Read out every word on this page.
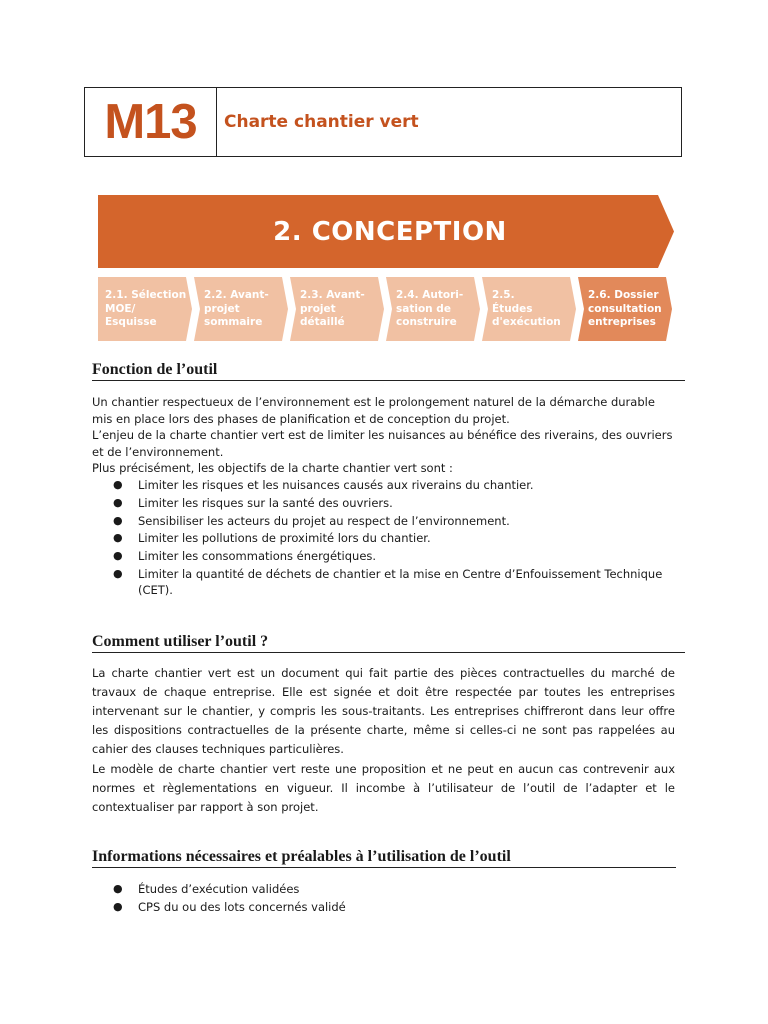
M13	Charte chantier vert
2. CONCEPTION
2.1. Sélection
MOE/
Esquisse
2.2. Avant-
projet
sommaire
2.3. Avant-
projet
détaillé
2.4. Autori-
sation de
construire
2.5.
Études
d'exécution
2.6. Dossier
consultation
entreprises
Fonction de l’outil

Un chantier respectueux de l’environnement est le prolongement naturel de la démarche durable mis en place lors des phases de planification et de conception du projet.

L’enjeu de la charte chantier vert est de limiter les nuisances au bénéfice des riverains, des ouvriers et de l’environnement.

Plus précisément, les objectifs de la charte chantier vert sont :

● Limiter les risques et les nuisances causés aux riverains du chantier.
● Limiter les risques sur la santé des ouvriers.
● Sensibiliser les acteurs du projet au respect de l’environnement.
● Limiter les pollutions de proximité lors du chantier.
● Limiter les consommations énergétiques.
● Limiter la quantité de déchets de chantier et la mise en Centre d’Enfouissement Technique (CET).
Comment utiliser l’outil ?

La charte chantier vert est un document qui fait partie des pièces contractuelles du marché de travaux de chaque entreprise. Elle est signée et doit être respectée par toutes les entreprises intervenant sur le chantier, y compris les sous-traitants. Les entreprises chiffreront dans leur offre les dispositions contractuelles de la présente charte, même si celles-ci ne sont pas rappelées au cahier des clauses techniques particulières.

Le modèle de charte chantier vert reste une proposition et ne peut en aucun cas contrevenir aux normes et règlementations en vigueur. Il incombe à l’utilisateur de l’outil de l’adapter et le contextualiser par rapport à son projet.

Informations nécessaires et préalables à l’utilisation de l’outil
● Études d’exécution validées
● CPS du ou des lots concernés validé
